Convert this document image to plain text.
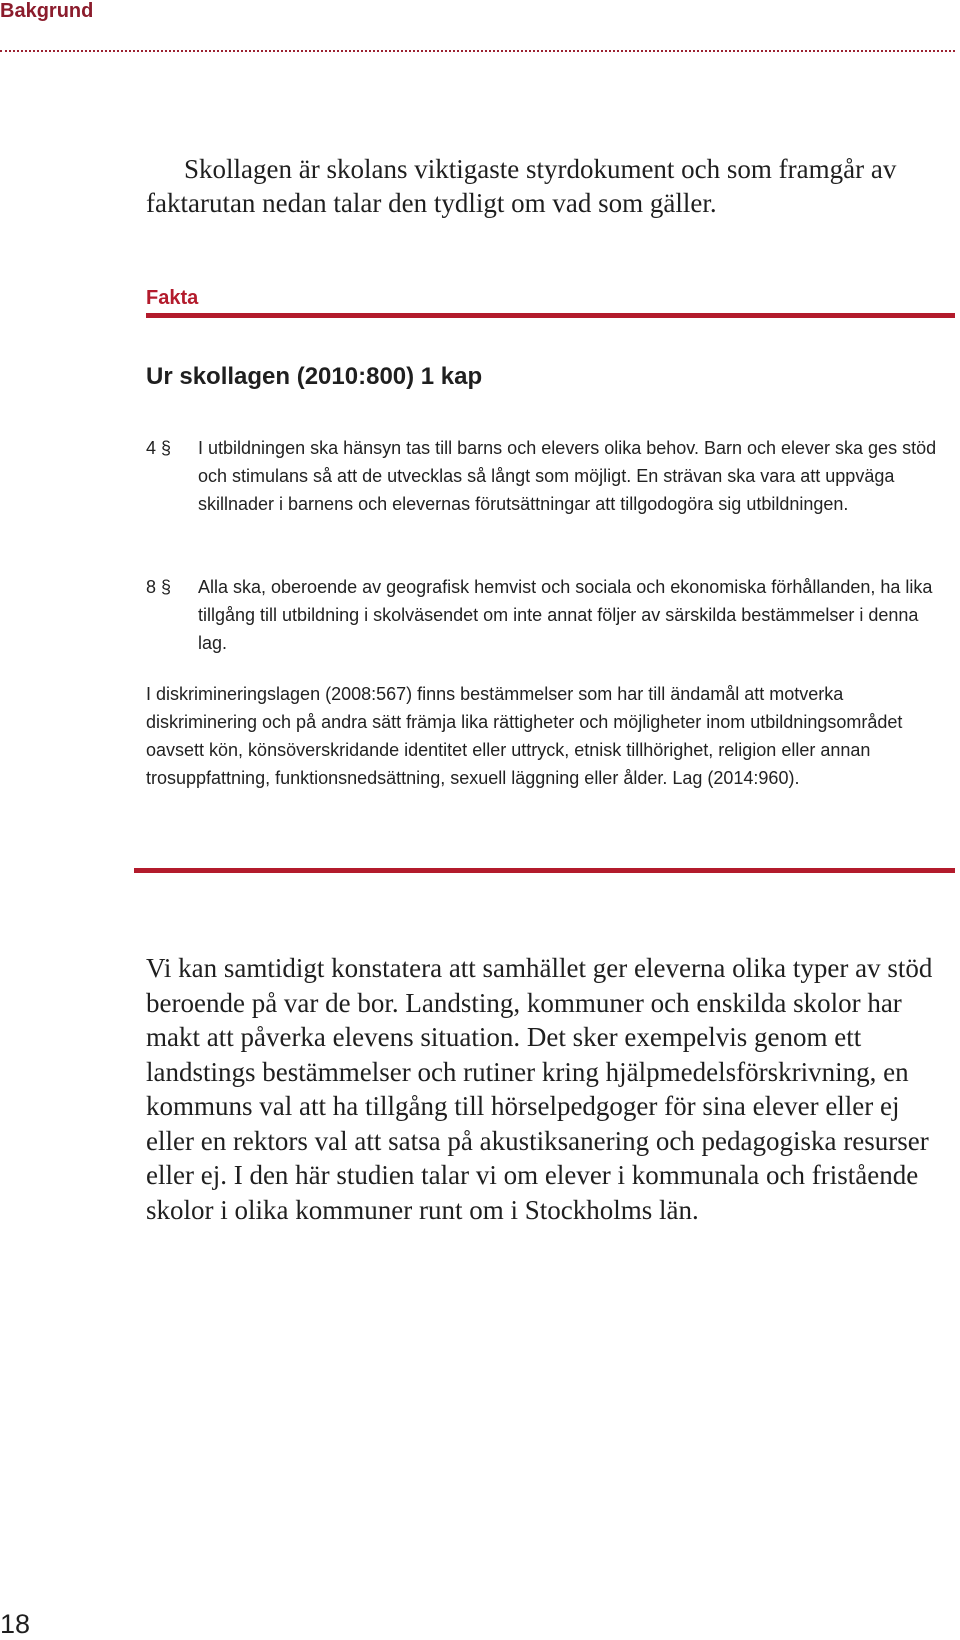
Bakgrund

Skollagen är skolans viktigaste styrdokument och som framgår av faktarutan nedan talar den tydligt om vad som gäller.

Fakta
Ur skollagen (2010:800) 1 kap
4 §	I utbildningen ska hänsyn tas till barns och elevers olika behov. Barn och elever ska ges stöd och stimulans så att de utvecklas så långt som möjligt. En strävan ska vara att uppväga skillnader i barnens och elevernas förutsättningar att tillgodogöra sig utbildningen.

8 §	Alla ska, oberoende av geografisk hemvist och sociala och ekonomiska förhållanden, ha lika tillgång till utbildning i skolväsendet om inte annat följer av särskilda bestämmelser i denna lag.

I diskrimineringslagen (2008:567) finns bestämmelser som har till ändamål att motverka diskriminering och på andra sätt främja lika rättigheter och möjligheter inom utbildningsområdet oavsett kön, könsöverskridande identitet eller uttryck, etnisk tillhörighet, religion eller annan trosuppfattning, funktionsnedsättning, sexuell läggning eller ålder. Lag (2014:960).

Vi kan samtidigt konstatera att samhället ger eleverna olika typer av stöd beroende på var de bor. Landsting, kommuner och enskilda skolor har makt att påverka elevens situation. Det sker exempelvis genom ett landstings bestämmelser och rutiner kring hjälpmedelsförskrivning, en kommuns val att ha tillgång till hörselpedgoger för sina elever eller ej eller en rektors val att satsa på akustiksanering och pedagogiska resurser eller ej. I den här studien talar vi om elever i kommunala och fristående skolor i olika kommuner runt om i Stockholms län.

18
